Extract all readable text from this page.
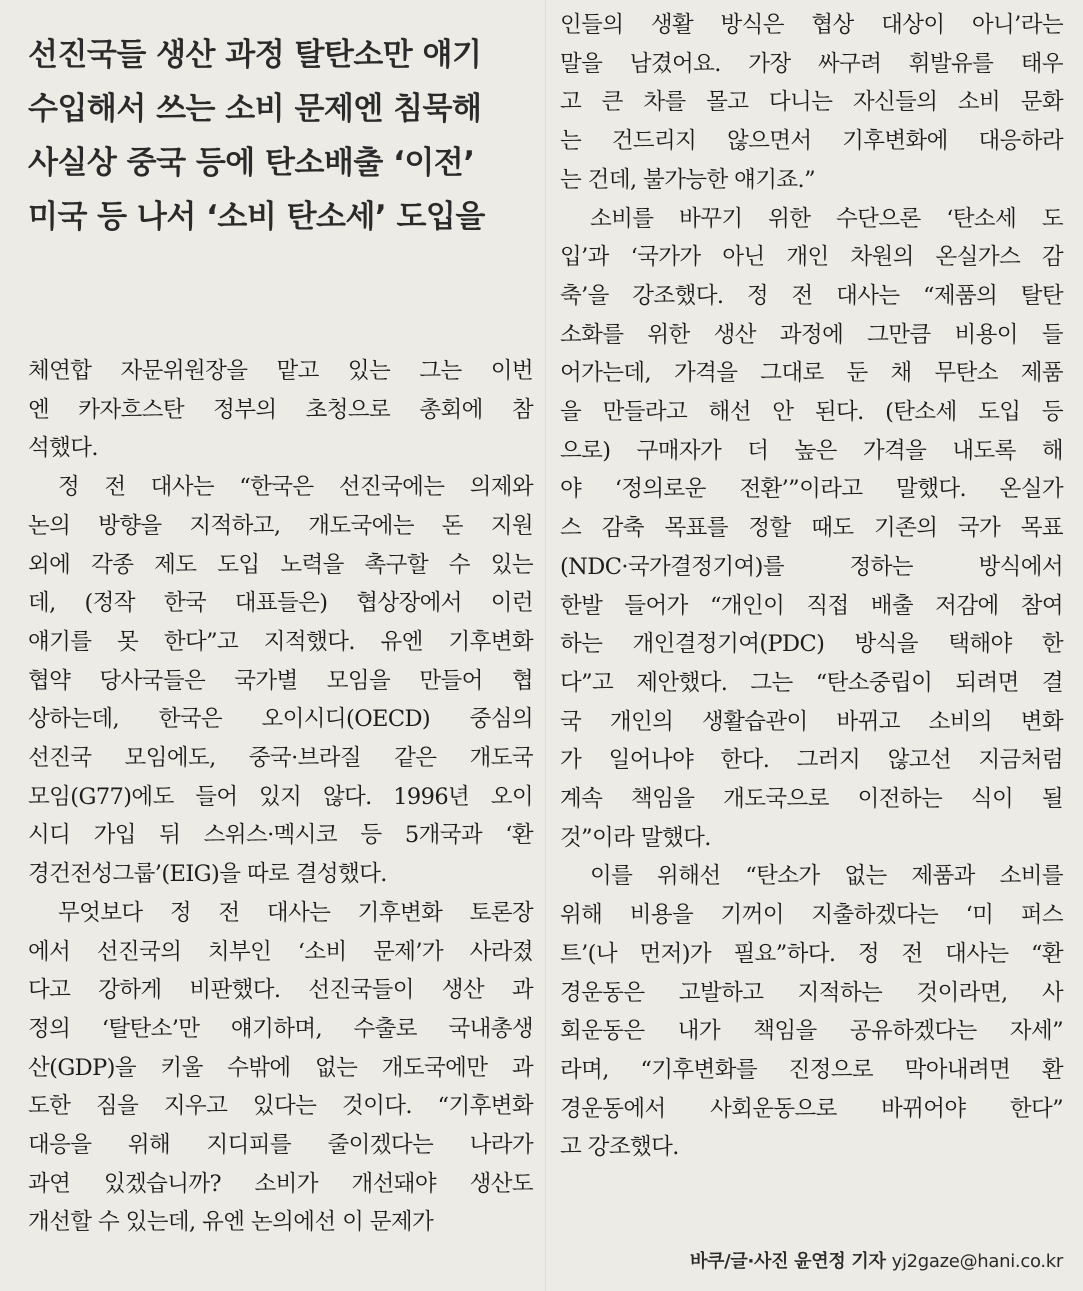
선진국들 생산 과정 탈탄소만 얘기
수입해서 쓰는 소비 문제엔 침묵해
사실상 중국 등에 탄소배출 ‘이전’
미국 등 나서 ‘소비 탄소세’ 도입을
체연합 자문위원장을 맡고 있는 그는 이번
엔 카자흐스탄 정부의 초청으로 총회에 참
석했다.
정 전 대사는 “한국은 선진국에는 의제와
논의 방향을 지적하고, 개도국에는 돈 지원
외에 각종 제도 도입 노력을 촉구할 수 있는
데, (정작 한국 대표들은) 협상장에서 이런
얘기를 못 한다”고 지적했다. 유엔 기후변화
협약 당사국들은 국가별 모임을 만들어 협
상하는데, 한국은 오이시디(OECD) 중심의
선진국 모임에도, 중국·브라질 같은 개도국
모임(G77)에도 들어 있지 않다. 1996년 오이
시디 가입 뒤 스위스·멕시코 등 5개국과 ‘환
경건전성그룹’(EIG)을 따로 결성했다.
무엇보다 정 전 대사는 기후변화 토론장
에서 선진국의 치부인 ‘소비 문제’가 사라졌
다고 강하게 비판했다. 선진국들이 생산 과
정의 ‘탈탄소’만 얘기하며, 수출로 국내총생
산(GDP)을 키울 수밖에 없는 개도국에만 과
도한 짐을 지우고 있다는 것이다. “기후변화
대응을 위해 지디피를 줄이겠다는 나라가
과연 있겠습니까? 소비가 개선돼야 생산도
개선할 수 있는데, 유엔 논의에선 이 문제가
인들의 생활 방식은 협상 대상이 아니’라는
말을 남겼어요. 가장 싸구려 휘발유를 태우
고 큰 차를 몰고 다니는 자신들의 소비 문화
는 건드리지 않으면서 기후변화에 대응하라
는 건데, 불가능한 얘기죠.”
소비를 바꾸기 위한 수단으론 ‘탄소세 도
입’과 ‘국가가 아닌 개인 차원의 온실가스 감
축’을 강조했다. 정 전 대사는 “제품의 탈탄
소화를 위한 생산 과정에 그만큼 비용이 들
어가는데, 가격을 그대로 둔 채 무탄소 제품
을 만들라고 해선 안 된다. (탄소세 도입 등
으로) 구매자가 더 높은 가격을 내도록 해
야 ‘정의로운 전환’”이라고 말했다. 온실가
스 감축 목표를 정할 때도 기존의 국가 목표
(NDC·국가결정기여)를 정하는 방식에서
한발 들어가 “개인이 직접 배출 저감에 참여
하는 개인결정기여(PDC) 방식을 택해야 한
다”고 제안했다. 그는 “탄소중립이 되려면 결
국 개인의 생활습관이 바뀌고 소비의 변화
가 일어나야 한다. 그러지 않고선 지금처럼
계속 책임을 개도국으로 이전하는 식이 될
것”이라 말했다.
이를 위해선 “탄소가 없는 제품과 소비를
위해 비용을 기꺼이 지출하겠다는 ‘미 퍼스
트’(나 먼저)가 필요”하다. 정 전 대사는 “환
경운동은 고발하고 지적하는 것이라면, 사
회운동은 내가 책임을 공유하겠다는 자세”
라며, “기후변화를 진정으로 막아내려면 환
경운동에서 사회운동으로 바뀌어야 한다”
고 강조했다.
바쿠/글·사진 윤연정 기자 yj2gaze@hani.co.kr
